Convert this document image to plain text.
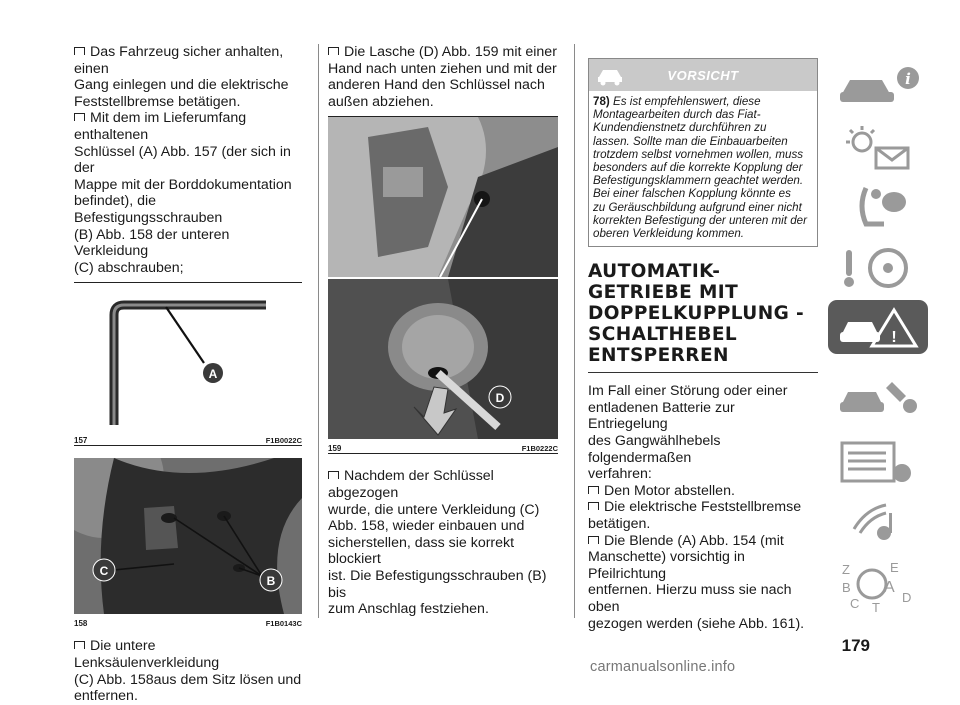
Das Fahrzeug sicher anhalten, einen
Gang einlegen und die elektrische
Feststellbremse betätigen.

Mit dem im Lieferumfang enthaltenen
Schlüssel (A) Abb. 157 (der sich in der
Mappe mit der Borddokumentation
befindet), die Befestigungsschrauben
(B) Abb. 158 der unteren Verkleidung
(C) abschrauben;

A
157	F1B0022C
C
B
158	F1B0143C

Die untere Lenksäulenverkleidung
(C) Abb. 158aus dem Sitz lösen und
entfernen.

Die Lasche (D) Abb. 159 mit einer
Hand nach unten ziehen und mit der
anderen Hand den Schlüssel nach
außen abziehen.

D
159	F1B0222C

Nachdem der Schlüssel abgezogen
wurde, die untere Verkleidung (C)
Abb. 158, wieder einbauen und
sicherstellen, dass sie korrekt blockiert
ist. Die Befestigungsschrauben (B) bis
zum Anschlag festziehen.

VORSICHT
78) Es ist empfehlenswert, diese
Montagearbeiten durch das Fiat-
Kundendienstnetz durchführen zu
lassen. Sollte man die Einbauarbeiten
trotzdem selbst vornehmen wollen, muss
besonders auf die korrekte Kopplung der
Befestigungsklammern geachtet werden.
Bei einer falschen Kopplung könnte es
zu Geräuschbildung aufgrund einer nicht
korrekten Befestigung der unteren mit der
oberen Verkleidung kommen.
AUTOMATIK-
GETRIEBE MIT
DOPPELKUPPLUNG -
SCHALTHEBEL
ENTSPERREN

Im Fall einer Störung oder einer
entladenen Batterie zur Entriegelung
des Gangwählhebels folgendermaßen
verfahren:

Den Motor abstellen.

Die elektrische Feststellbremse
betätigen.

Die Blende (A) Abb. 154 (mit
Manschette) vorsichtig in Pfeilrichtung
entfernen. Hierzu muss sie nach oben
gezogen werden (siehe Abb. 161).

i
!
Z	E
B A
C T
D
179
carmanualsonline.info
